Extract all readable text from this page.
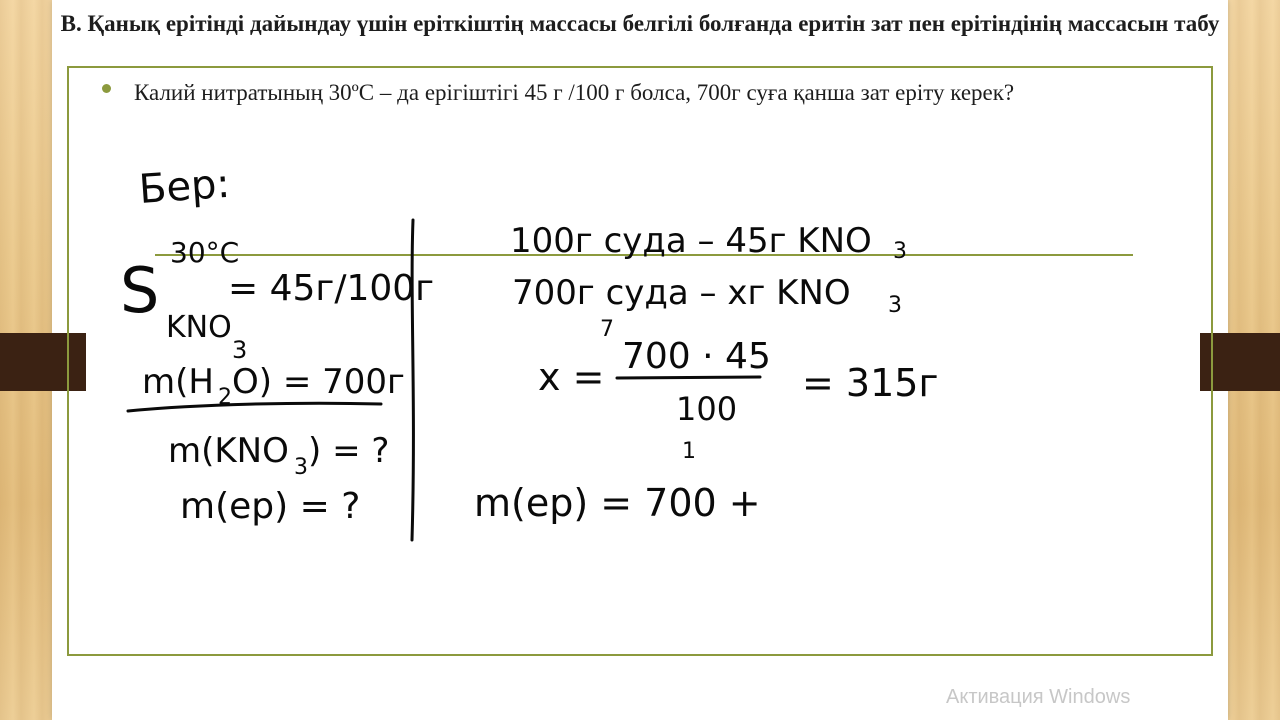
В. Қанық ерітінді дайындау үшін еріткіштің массасы белгілі болғанда еритін зат пен ерітіндінің массасын табу
Калий нитратының 30ºС – да ерігіштігі 45 г /100 г болса, 700г суға қанша зат еріту керек?
Бер:
30°C
S = 45г/100г
KNO
3
m(H 2 O) = 700г
m(KNO 3 ) = ?
m(ер) = ?
100г суда – 45г KNO 3
700г суда – хг KNO 3
х =
7
700 · 45
100
1
= 315г
m(ер) = 700 +
Активация Windows
